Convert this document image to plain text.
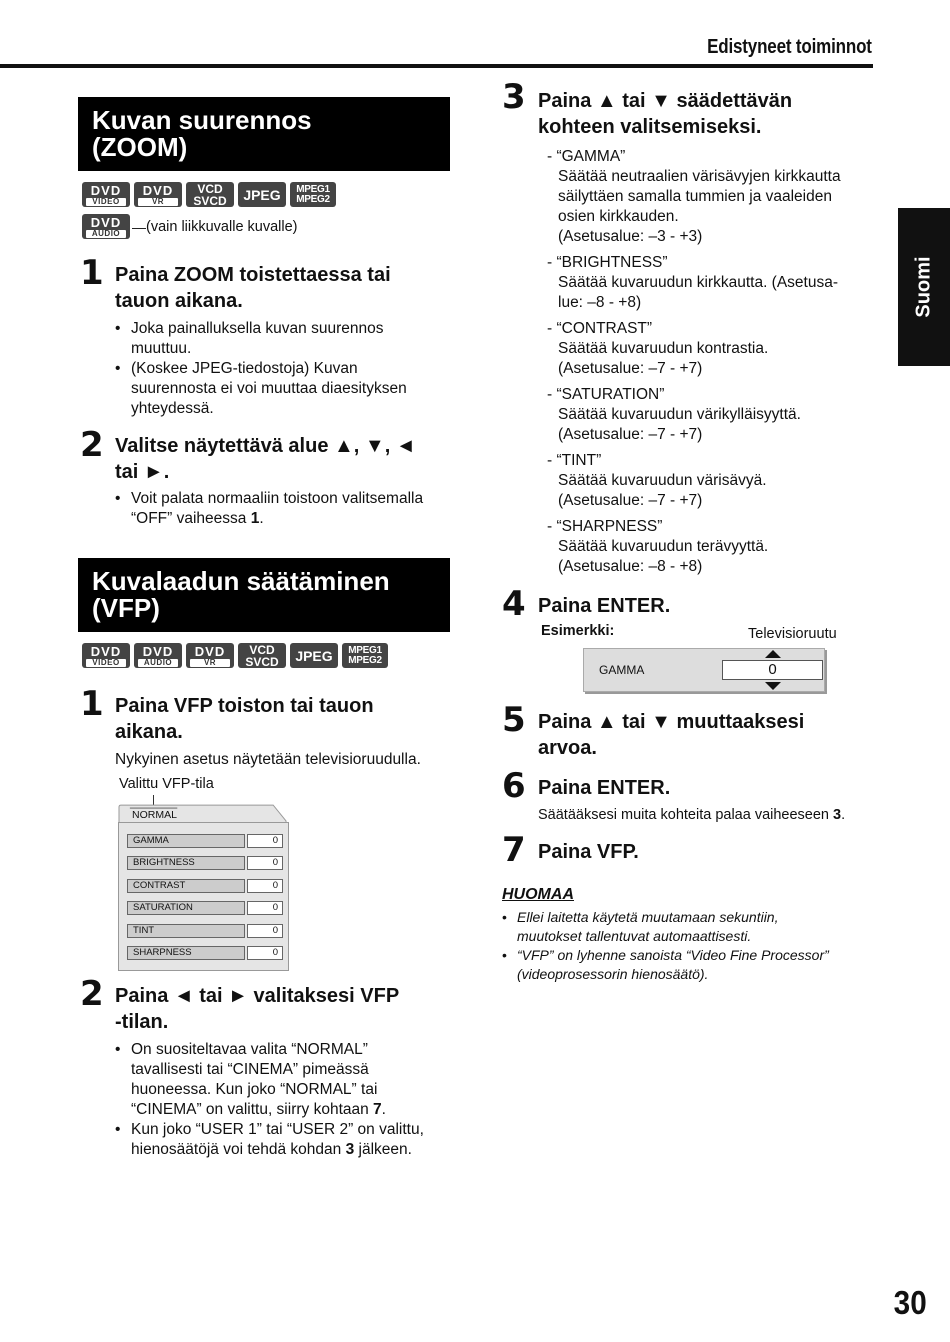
Edistyneet toiminnot
Suomi
Kuvan suurennos
(ZOOM)
DVD
VIDEO
DVD
VR
VCD
SVCD JPEG MPEG1
MPEG2
DVD
AUDIO — (vain liikkuvalle kuvalle)
1 Paina ZOOM toistettaessa tai
tauon aikana.
• Joka painalluksella kuvan suurennos
muuttuu.
• (Koskee JPEG-tiedostoja) Kuvan
suurennosta ei voi muuttaa diaesityksen
yhteydessä.
2 Valitse näytettävä alue ▲, ▼, ◄
tai ►.
• Voit palata normaaliin toistoon valitsemalla
“OFF” vaiheessa 1.
Kuvalaadun säätäminen
(VFP)
DVD
VIDEO
DVD
AUDIO
DVD
VR
VCD
SVCD JPEG MPEG1
MPEG2
1 Paina VFP toiston tai tauon
aikana.
Nykyinen asetus näytetään televisioruudulla.
Valittu VFP-tila
NORMAL
GAMMA	0
BRIGHTNESS	0
CONTRAST	0
SATURATION	0
TINT	0
SHARPNESS	0
2 Paina ◄ tai ► valitaksesi VFP
-tilan.
• On suositeltavaa valita “NORMAL”
tavallisesti tai “CINEMA” pimeässä
huoneessa. Kun joko “NORMAL” tai
“CINEMA” on valittu, siirry kohtaan 7.
• Kun joko “USER 1” tai “USER 2” on valittu,
hienosäätöjä voi tehdä kohdan 3 jälkeen.
3 Paina ▲ tai ▼ säädettävän
kohteen valitsemiseksi.
- “GAMMA”
Säätää neutraalien värisävyjen kirkkautta
säilyttäen samalla tummien ja vaaleiden
osien kirkkauden.
(Asetusalue: –3 - +3)
- “BRIGHTNESS”
Säätää kuvaruudun kirkkautta. (Asetusa-
lue: –8 - +8)
- “CONTRAST”
Säätää kuvaruudun kontrastia.
(Asetusalue: –7 - +7)
- “SATURATION”
Säätää kuvaruudun värikylläisyyttä.
(Asetusalue: –7 - +7)
- “TINT”
Säätää kuvaruudun värisävyä.
(Asetusalue: –7 - +7)
- “SHARPNESS”
Säätää kuvaruudun terävyyttä.
(Asetusalue: –8 - +8)
4 Paina ENTER.
Esimerkki:	Televisioruutu
GAMMA	0
5 Paina ▲ tai ▼ muuttaaksesi
arvoa.
6 Paina ENTER.
Säätääksesi muita kohteita palaa vaiheeseen 3.
7 Paina VFP.
HUOMAA
• Ellei laitetta käytetä muutamaan sekuntiin,
muutokset tallentuvat automaattisesti.
• “VFP” on lyhenne sanoista “Video Fine Processor”
(videoprosessorin hienosäätö).
30
